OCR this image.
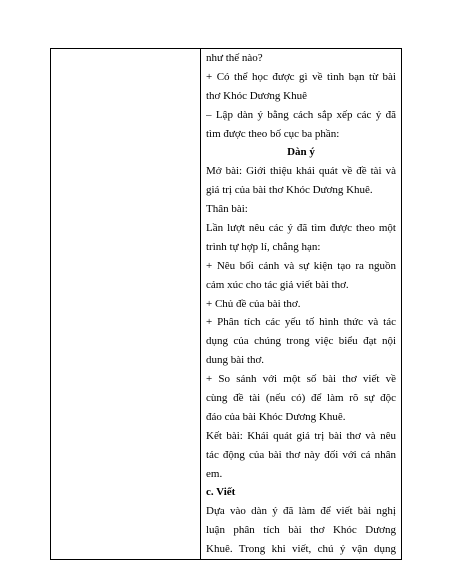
như thế nào?
+ Có thể học được gì về tình bạn từ bài
thơ Khóc Dương Khuê
– Lập dàn ý bằng cách sắp xếp các ý đã
tìm được theo bố cục ba phần:
Dàn ý
Mở bài: Giới thiệu khái quát về đề tài và
giá trị của bài thơ Khóc Dương Khuê.
Thân bài:
Lần lượt nêu các ý đã tìm được theo một
trình tự hợp lí, chẳng hạn:
+ Nêu bối cảnh và sự kiện tạo ra nguồn
cảm xúc cho tác giả viết bài thơ.
+ Chủ đề của bài thơ.
+ Phân tích các yếu tố hình thức và tác
dụng của chúng trong việc biểu đạt nội
dung bài thơ.
+ So sánh với một số bài thơ viết về
cùng đề tài (nếu có) để làm rõ sự độc
đáo của bài Khóc Dương Khuê.
Kết bài: Khái quát giá trị bài thơ và nêu
tác động của bài thơ này đối với cá nhân
em.
c. Viết
Dựa vào dàn ý đã làm để viết bài nghị
luận phân tích bài thơ Khóc Dương
Khuê. Trong khi viết, chú ý vận dụng
